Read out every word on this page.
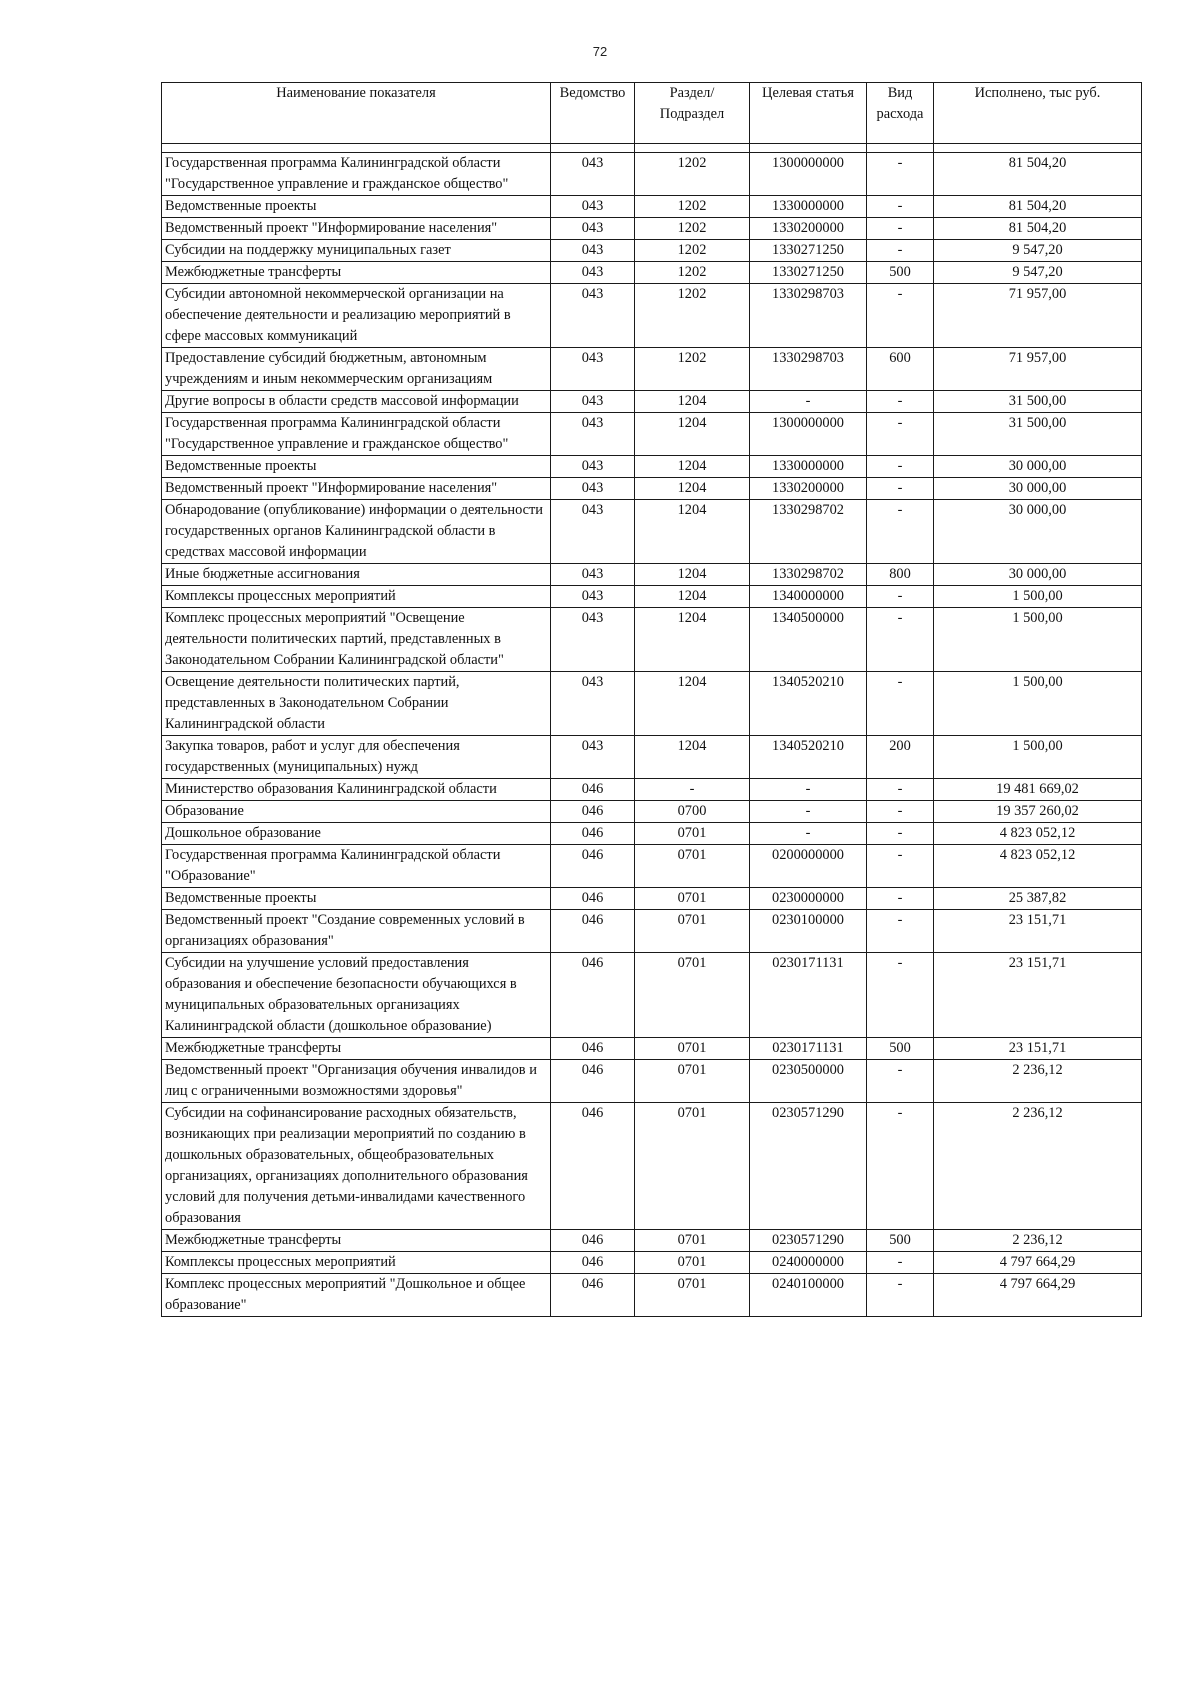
72
Наименование показателя	Ведомство	Раздел/ Подраздел	Целевая статья	Вид расхода	Исполнено, тыс руб.

Государственная программа Калининградской области "Государственное управление и гражданское общество"	043	1202	1300000000	-	81 504,20
Ведомственные проекты	043	1202	1330000000	-	81 504,20
Ведомственный проект "Информирование населения"	043	1202	1330200000	-	81 504,20
Субсидии на поддержку муниципальных газет	043	1202	1330271250	-	9 547,20
Межбюджетные трансферты	043	1202	1330271250	500	9 547,20
Субсидии автономной некоммерческой организации на обеспечение деятельности и реализацию мероприятий в сфере массовых коммуникаций	043	1202	1330298703	-	71 957,00
Предоставление субсидий бюджетным, автономным учреждениям и иным некоммерческим организациям	043	1202	1330298703	600	71 957,00
Другие вопросы в области средств массовой информации	043	1204	-	-	31 500,00
Государственная программа Калининградской области "Государственное управление и гражданское общество"	043	1204	1300000000	-	31 500,00
Ведомственные проекты	043	1204	1330000000	-	30 000,00
Ведомственный проект "Информирование населения"	043	1204	1330200000	-	30 000,00
Обнародование (опубликование) информации о деятельности государственных органов Калининградской области в средствах массовой информации	043	1204	1330298702	-	30 000,00
Иные бюджетные ассигнования	043	1204	1330298702	800	30 000,00
Комплексы процессных мероприятий	043	1204	1340000000	-	1 500,00
Комплекс процессных мероприятий "Освещение деятельности политических партий, представленных в Законодательном Собрании Калининградской области"	043	1204	1340500000	-	1 500,00
Освещение деятельности политических партий, представленных в Законодательном Собрании Калининградской области	043	1204	1340520210	-	1 500,00
Закупка товаров, работ и услуг для обеспечения государственных (муниципальных) нужд	043	1204	1340520210	200	1 500,00
Министерство образования Калининградской области	046	-	-	-	19 481 669,02
Образование	046	0700	-	-	19 357 260,02
Дошкольное образование	046	0701	-	-	4 823 052,12
Государственная программа Калининградской области "Образование"	046	0701	0200000000	-	4 823 052,12
Ведомственные проекты	046	0701	0230000000	-	25 387,82
Ведомственный проект "Создание современных условий в организациях образования"	046	0701	0230100000	-	23 151,71
Субсидии на улучшение условий предоставления образования и обеспечение безопасности обучающихся в муниципальных образовательных организациях Калининградской области (дошкольное образование)	046	0701	0230171131	-	23 151,71
Межбюджетные трансферты	046	0701	0230171131	500	23 151,71
Ведомственный проект "Организация обучения инвалидов и лиц с ограниченными возможностями здоровья"	046	0701	0230500000	-	2 236,12
Субсидии на софинансирование расходных обязательств, возникающих при реализации мероприятий по созданию в дошкольных образовательных, общеобразовательных организациях, организациях дополнительного образования условий для получения детьми-инвалидами качественного образования	046	0701	0230571290	-	2 236,12
Межбюджетные трансферты	046	0701	0230571290	500	2 236,12
Комплексы процессных мероприятий	046	0701	0240000000	-	4 797 664,29
Комплекс процессных мероприятий "Дошкольное и общее образование"	046	0701	0240100000	-	4 797 664,29
